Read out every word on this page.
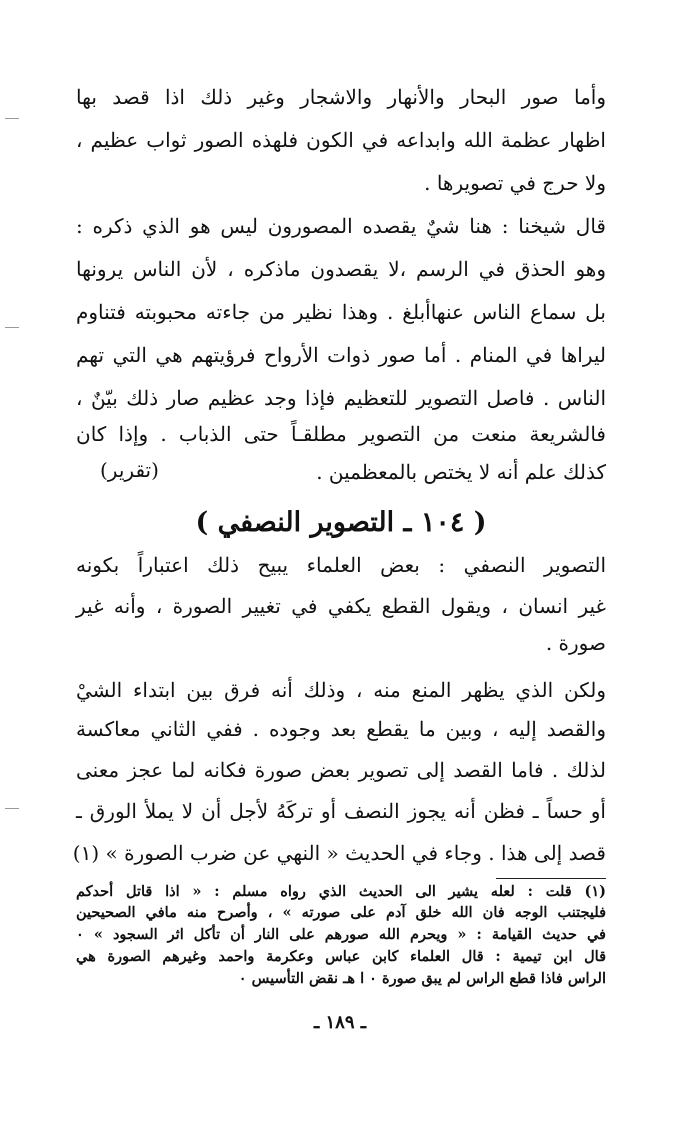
وأما صور البحار والأنهار والاشجار وغير ذلك اذا قصد بها
اظهار عظمة الله وابداعه في الكون فلهذه الصور ثواب عظيم ،
ولا حرج في تصويرها .
قال شيخنا : هنا شيٌ يقصده المصورون ليس هو الذي ذكره :
وهو الحذق في الرسم ،لا يقصدون ماذكره ، لأن الناس يرونها
بل سماع الناس عنهاأبلغ . وهذا نظير من جاءته محبوبته فتناوم
ليراها في المنام . أما صور ذوات الأرواح فرؤيتهم هي التي تهم
الناس . فاصل التصوير للتعظيم فإذا وجد عظيم صار ذلك بيّنٌ ،
فالشريعة منعت من التصوير مطلقـاً حتى الذباب . وإذا كان
كذلك علم أنه لا يختص بالمعظمين .
(تقرير)
( ١٠٤ ـ التصوير النصفي )
التصوير النصفي : بعض العلماء يبيح ذلك اعتباراً بكونه
غير انسان ، ويقول القطع يكفي في تغيير الصورة ، وأنه غير
صورة .
ولكن الذي يظهر المنع منه ، وذلك أنه فرق بين ابتداء الشيْ
والقصد إليه ، وبين ما يقطع بعد وجوده . ففي الثاني معاكسة
لذلك . فاما القصد إلى تصوير بعض صورة فكانه لما عجز معنى
أو حساً ـ فظن أنه يجوز النصف أو تركَهُ لأجل أن لا يملأ الورق ـ
قصد إلى هذا . وجاء في الحديث « النهي عن ضرب الصورة » (١)
(١) قلت : لعله يشير الى الحديث الذي رواه مسلم : « اذا قاتل أحدكم
فليجتنب الوجه فان الله خلق آدم على صورته » ، وأصرح منه مافي الصحيحين
في حديث القيامة : « ويحرم الله صورهم على النار أن تأكل اثر السجود » ٠
قال ابن تيمية : قال العلماء كابن عباس وعكرمة واحمد وغيرهم الصورة هي
الراس فاذا قطع الراس لم يبق صورة ٠ ا هـ نقض التأسيس ٠
ـ ١٨٩ ـ
